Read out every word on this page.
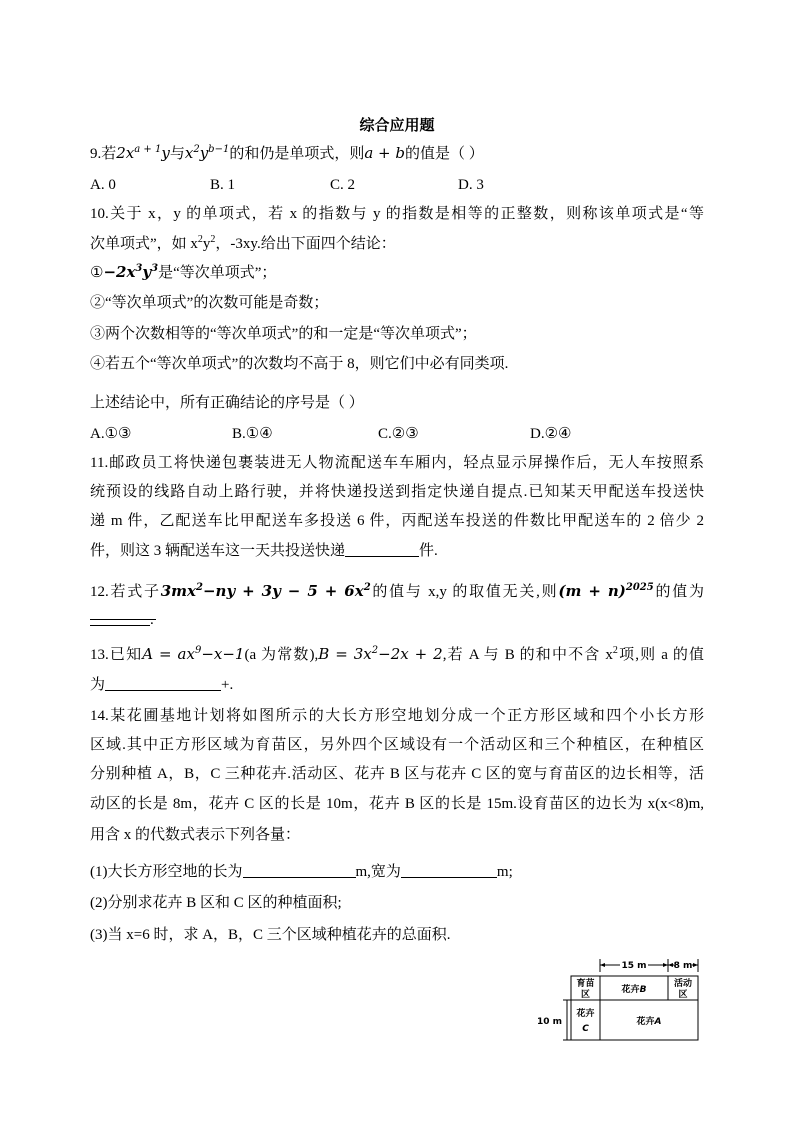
综合应用题
9.若$2x^{a + 1}y$与$x^2y^{b-1}$的和仍是单项式，则a + b的值是（ ）
A. 0	B. 1	C. 2	D. 3
10.关于 x，y 的单项式，若 x 的指数与 y 的指数是相等的正整数，则称该单项式是“等
次单项式”，如 $x^2y^2$，-3xy.给出下面四个结论：
$①-2x^3y^3$是“等次单项式”；
②“等次单项式”的次数可能是奇数；
③两个次数相等的“等次单项式”的和一定是“等次单项式”；
④若五个“等次单项式”的次数均不高于 8，则它们中必有同类项.
上述结论中，所有正确结论的序号是（ ）
A.①③	B.①④	C.②③	D.②④
11.邮政员工将快递包裹装进无人物流配送车车厢内，轻点显示屏操作后，无人车按照系
统预设的线路自动上路行驶，并将快递投送到指定快递自提点.已知某天甲配送车投送快
递 m 件，乙配送车比甲配送车多投送 6 件，丙配送车投送的件数比甲配送车的 2 倍少 2
件，则这 3 辆配送车这一天共投送快递	件.
12.若式子$3mx^2-ny + 3y - 5 + 6x^2$的值与 x,y 的取值无关,则$(m + n)^{2025}$的值为
.
13.已知$A = ax^9-x-1(a$ 为常数)$,B = 3x^2-2x + 2$,若 A 与 B 的和中不含 $x^2$项,则 a 的值
为	+.
14.某花圃基地计划将如图所示的大长方形空地划分成一个正方形区域和四个小长方形
区域.其中正方形区域为育苗区，另外四个区域设有一个活动区和三个种植区，在种植区
分别种植 A，B，C 三种花卉.活动区、花卉 B 区与花卉 C 区的宽与育苗区的边长相等，活
动区的长是 8m，花卉 C 区的长是 10m，花卉 B 区的长是 15m.设育苗区的边长为 x(x<8)m,
用含 x 的代数式表示下列各量：
(1)大长方形空地的长为	m,宽为	m;
(2)分别求花卉 B 区和 C 区的种植面积;
(3)当 x=6 时，求 A，B，C 三个区域种植花卉的总面积.
15 m	8 m
10 m
育苗
区	花卉B
活动
区
花卉
C
花卉A
